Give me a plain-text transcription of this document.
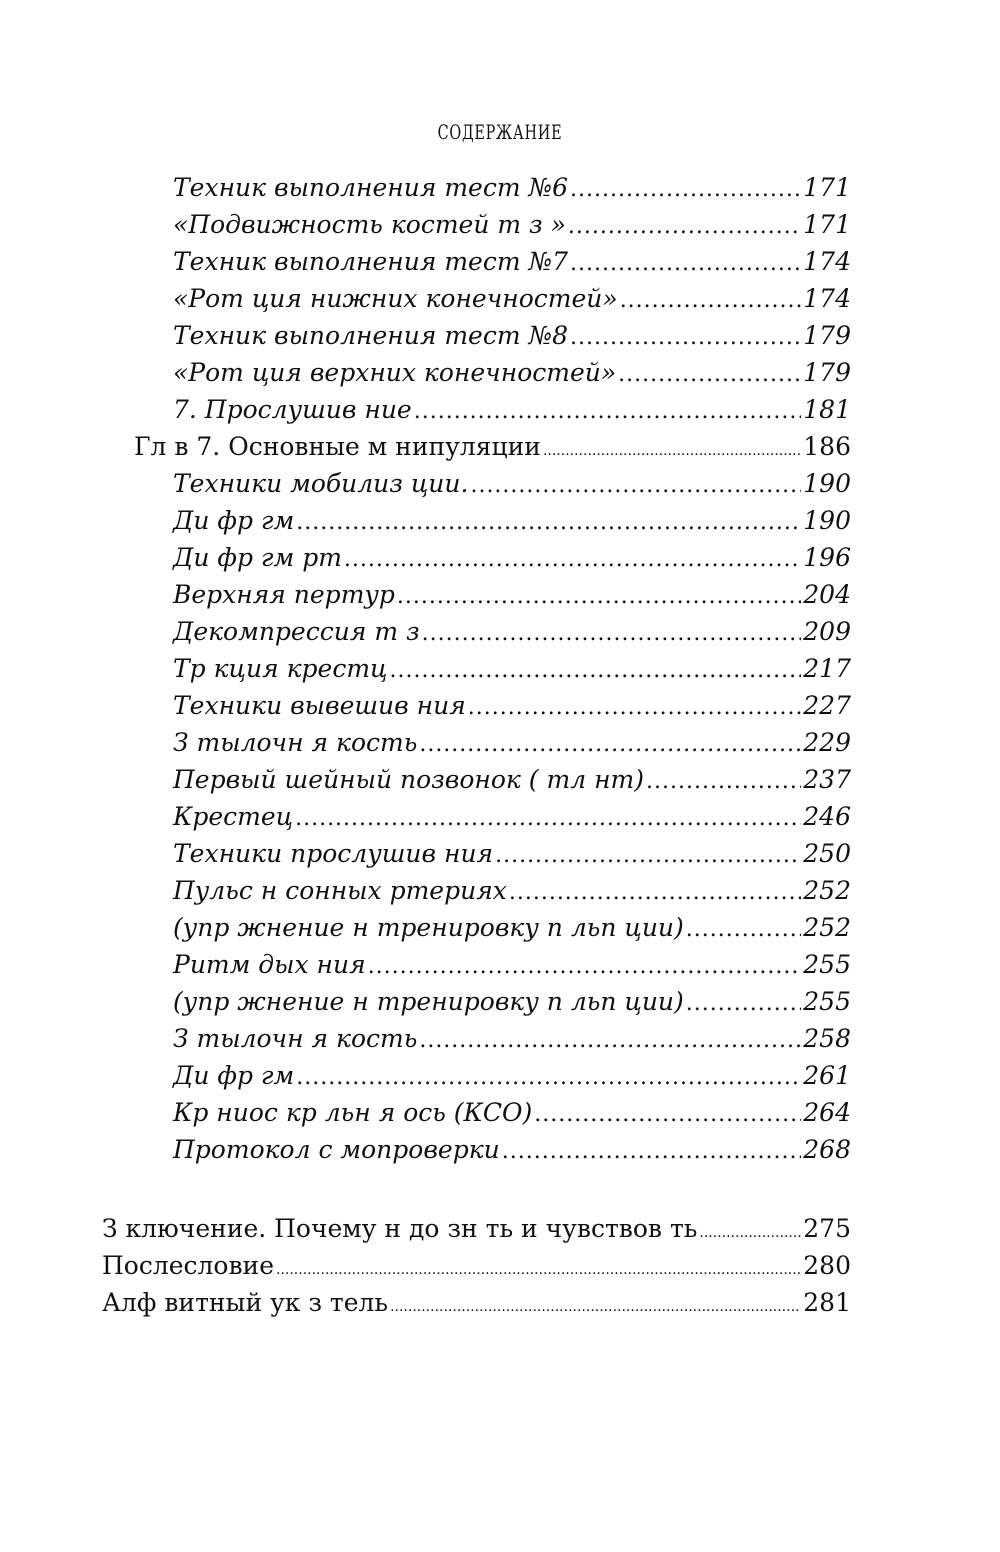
СОДЕРЖАНИЕ
Техник выполнения тест №6 .....	171
«Подвижность костей т з » .....	171
Техник выполнения тест №7 .....	174
«Рот ция нижних конечностей» .....	174
Техник выполнения тест №8 .....	179
«Рот ция верхних конечностей» .....	179
7. Прослушив ние .....	181
Гл в 7. Основные м нипуляции .....	186
Техники мобилиз ции. .....	190
Ди фр гм .....	190
Ди фр гм рт .....	196
Верхняя пертур .....	204
Декомпрессия т з .....	209
Тр кция крестц .....	217
Техники вывешив ния .....	227
З тылочн я кость .....	229
Первый шейный позвонок ( тл нт) .....	237
Крестец .....	246
Техники прослушив ния .....	250
Пульс н сонных ртериях .....	252
(упр жнение н тренировку п льп ции) .....	252
Ритм дых ния .....	255
(упр жнение н тренировку п льп ции) .....	255
З тылочн я кость .....	258
Ди фр гм .....	261
Кр ниос кр льн я ось (КСО) .....	264
Протокол с мопроверки .....	268
З ключение. Почему н до зн ть и чувствов ть .....	275
Послесловие .....	280
Алф витный ук з тель .....	281
